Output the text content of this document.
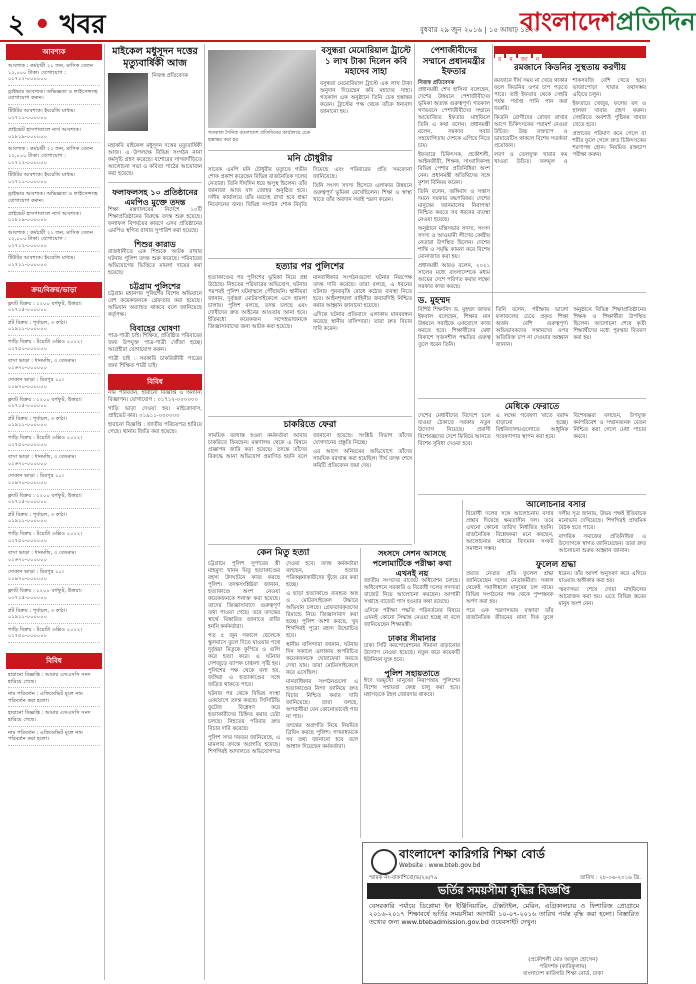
২ • খবর	বুধবার ২৯ জুন ২০১৬ | ১৫ আষাঢ় ১৪২৩
বাংলাদেশপ্রতিদিন
আবশ্যক
আবশ্যক : কর্মচারী ২১ জন, মাসিক বেতন ১২,০০০ টাকা। যোগাযোগ : ০১৭১২-০০০০০০
ড্রাইভার আবশ্যক। অভিজ্ঞতা ও লাইসেন্সসহ যোগাযোগ করুন।
টিউটর আবশ্যক। ইংরেজি মাধ্যম। ০১৭১১-০০০০০০
প্রাইভেট হাসপাতালে নার্স আবশ্যক। ০১৮১৯-০০০০০০
আবশ্যক : কর্মচারী ২১ জন, মাসিক বেতন ১২,০০০ টাকা। যোগাযোগ : ০১৭১২-০০০০০০
টিউটর আবশ্যক। ইংরেজি মাধ্যম। ০১৭১১-০০০০০০
ড্রাইভার আবশ্যক। অভিজ্ঞতা ও লাইসেন্সসহ যোগাযোগ করুন।
প্রাইভেট হাসপাতালে নার্স আবশ্যক। ০১৮১৯-০০০০০০
আবশ্যক : কর্মচারী ২১ জন, মাসিক বেতন ১২,০০০ টাকা। যোগাযোগ : ০১৭১২-০০০০০০
টিউটর আবশ্যক। ইংরেজি মাধ্যম। ০১৭১১-০০০০০০
ক্রয়/বিক্রয়/ভাড়া
ফ্ল্যাট বিক্রয় : ১২০০ বর্গফুট, উত্তরা। ০১৭১৫-০০০০০০
প্লট বিক্রয় : পূর্বাচল, ৩ কাঠা। ০১৯১১-০০০০০০
গাড়ি বিক্রয় : টয়োটা এক্সিও ২০১২। ০১৭৫০-০০০০০০
বাসা ভাড়া : ধানমন্ডি, ৩ বেডরুম। ০১৬৭০-০০০০০০
দোকান ভাড়া : মিরপুর ১০। ০১৯৭০-০০০০০০
ফ্ল্যাট বিক্রয় : ১২০০ বর্গফুট, উত্তরা। ০১৭১৫-০০০০০০
প্লট বিক্রয় : পূর্বাচল, ৩ কাঠা। ০১৯১১-০০০০০০
গাড়ি বিক্রয় : টয়োটা এক্সিও ২০১২। ০১৭৫০-০০০০০০
বাসা ভাড়া : ধানমন্ডি, ৩ বেডরুম। ০১৬৭০-০০০০০০
দোকান ভাড়া : মিরপুর ১০। ০১৯৭০-০০০০০০
ফ্ল্যাট বিক্রয় : ১২০০ বর্গফুট, উত্তরা। ০১৭১৫-০০০০০০
প্লট বিক্রয় : পূর্বাচল, ৩ কাঠা। ০১৯১১-০০০০০০
গাড়ি বিক্রয় : টয়োটা এক্সিও ২০১২। ০১৭৫০-০০০০০০
বাসা ভাড়া : ধানমন্ডি, ৩ বেডরুম। ০১৬৭০-০০০০০০
দোকান ভাড়া : মিরপুর ১০। ০১৯৭০-০০০০০০
ফ্ল্যাট বিক্রয় : ১২০০ বর্গফুট, উত্তরা। ০১৭১৫-০০০০০০
প্লট বিক্রয় : পূর্বাচল, ৩ কাঠা। ০১৯১১-০০০০০০
গাড়ি বিক্রয় : টয়োটা এক্সিও ২০১২। ০১৭৫০-০০০০০০
বিবিধ
হারানো বিজ্ঞপ্তি : আমার এসএসসি সনদ হারিয়ে গেছে।
নাম পরিবর্তন : এফিডেভিট মূলে নাম পরিবর্তন করা হলো।
হারানো বিজ্ঞপ্তি : আমার এসএসসি সনদ হারিয়ে গেছে।
নাম পরিবর্তন : এফিডেভিট মূলে নাম পরিবর্তন করা হলো।
মাইকেল মধুসূদন দত্তের মৃত্যুবার্ষিকী আজ
নিজস্ব প্রতিবেদক

মহাকবি মাইকেল মধুসূদন দত্তের মৃত্যুবার্ষিকী আজ। এ উপলক্ষে বিভিন্ন সংগঠন নানা কর্মসূচি গ্রহণ করেছে। যশোরের সাগরদাঁড়িতে আলোচনা সভা ও কবিতা পাঠের আয়োজন করা হয়েছে।

ফলাফলসহ ১০ প্রতিষ্ঠানের এমপিও মুক্তে তদন্ত

শিক্ষা মন্ত্রণালয়ের নির্দেশে ১০টি শিক্ষাপ্রতিষ্ঠানের বিরুদ্ধে তদন্ত শুরু হয়েছে। ফলাফল বিপর্যয়ের কারণে এসব প্রতিষ্ঠানের এমপিও স্থগিত রাখার সুপারিশ করা হয়েছে।

শিশুর কারাড

রাজধানীতে এক শিশুকে আটক রাখার ঘটনায় পুলিশ তদন্ত শুরু করেছে। পরিবারের অভিযোগের ভিত্তিতে মামলা দায়ের করা হয়েছে।

চট্টগ্রাম পুলিশের

চট্টগ্রাম মহানগর পুলিশের বিশেষ অভিযানে বেশ কয়েকজনকে গ্রেফতার করা হয়েছে। অভিযান অব্যাহত থাকবে বলে জানিয়েছে কর্তৃপক্ষ।

বিবাহের ঘোষণা

পাত্র-পাত্রী চাই। শিক্ষিত, প্রতিষ্ঠিত পরিবারের জন্য উপযুক্ত পাত্র-পাত্রী খোঁজা হচ্ছে। আগ্রহীরা যোগাযোগ করুন।

পাত্রী চাই : সরকারি চাকরিজীবী পাত্রের জন্য শিক্ষিত পাত্রী চাই।

বিবিধ

নাম পরিবর্তন, হারানো বিজ্ঞপ্তি ও অন্যান্য বিজ্ঞাপন। যোগাযোগ : ০১৭১২-০০০০০০

গাড়ি ভাড়া দেওয়া হয়। মাইক্রোবাস, প্রাইভেট কার। ০১৯১১-০০০০০০

হারানো বিজ্ঞপ্তি : জাতীয় পরিচয়পত্র হারিয়ে গেছে। থানায় জিডি করা হয়েছে।

গতকাল দৈনিক বাংলাদেশ প্রতিদিনের কার্যালয়ে চেক হস্তান্তর করা হয়
বসুন্ধরা মেমোরিয়াল ট্রাস্টে ১ লাখ টাকা দিলেন কবি মহাদেব সাহা

বসুন্ধরা মেমোরিয়াল ট্রাস্টে এক লাখ টাকা অনুদান দিয়েছেন কবি মহাদেব সাহা। গতকাল এক অনুষ্ঠানে তিনি চেক হস্তান্তর করেন। ট্রাস্টের পক্ষ থেকে তাঁকে ধন্যবাদ জানানো হয়।

মনি চৌধুরীর

সাবেক এমপি মনি চৌধুরীর মৃত্যুতে গভীর শোক প্রকাশ করেছেন বিভিন্ন রাজনৈতিক দলের নেতারা। তিনি দীর্ঘদিন ধরে অসুস্থ ছিলেন। তাঁর জানাজা আজ বাদ জোহর অনুষ্ঠিত হবে। দলীয় কার্যালয়ে তাঁর মরদেহ রাখা হবে শ্রদ্ধা নিবেদনের জন্য। বিভিন্ন সংগঠন শোক বিবৃতি দিয়েছে এবং পরিবারের প্রতি সমবেদনা জানিয়েছে।

তিনি সংসদ সদস্য হিসেবে এলাকার উন্নয়নে গুরুত্বপূর্ণ ভূমিকা রেখেছিলেন। শিক্ষা ও স্বাস্থ্য খাতে তাঁর অবদান সবাই স্মরণ করেন।

হত্যার পর পুলিশের

হত্যাকাণ্ডের পর পুলিশের ভূমিকা নিয়ে প্রশ্ন উঠেছে। নিহতের পরিবারের অভিযোগ, ঘটনার পরপরই পুলিশ ঘটনাস্থলে পৌঁছায়নি। স্থানীয়রা জানান, দুর্বৃত্তরা মোটরসাইকেলে এসে হামলা চালায়। পুলিশ বলছে, তদন্ত চলছে এবং দোষীদের দ্রুত আইনের আওতায় আনা হবে। ইতিমধ্যে কয়েকজন সন্দেহভাজনকে জিজ্ঞাসাবাদের জন্য আটক করা হয়েছে।

মানবাধিকার সংগঠনগুলো ঘটনার নিরপেক্ষ তদন্ত দাবি করেছে। তারা বলছে, এ ধরনের ঘটনার পুনরাবৃত্তি রোধে কঠোর ব্যবস্থা নিতে হবে। আইনশৃঙ্খলা বাহিনীর জবাবদিহি নিশ্চিত করার আহ্বান জানানো হয়েছে।

এদিকে ঘটনার প্রতিবাদে এলাকায় মানববন্ধন করেছে স্থানীয় বাসিন্দারা। তারা দ্রুত বিচার দাবি করেন।

চাকরিতে ফেরা

সাময়িক বরখাস্ত হওয়া কর্মকর্তারা আবার চাকরিতে ফিরছেন। মন্ত্রণালয় থেকে এ বিষয়ে প্রজ্ঞাপন জারি করা হয়েছে। তদন্তে তাঁদের বিরুদ্ধে আনা অভিযোগ প্রমাণিত হয়নি বলে জানানো হয়েছে। সংশ্লিষ্ট বিভাগ তাঁদের যোগদানের প্রস্তুতি নিচ্ছে।

এর আগে অনিয়মের অভিযোগে তাঁদের সাময়িক বরখাস্ত করা হয়েছিল। দীর্ঘ তদন্ত শেষে কমিটি প্রতিবেদন জমা দেয়।

কেন মিতু হত্যা

চট্টগ্রামে পুলিশ সুপারের স্ত্রী মাহমুদা খানম মিতু হত্যাকাণ্ডের রহস্য উদঘাটনে কাজ করছে পুলিশ। তদন্তসংশ্লিষ্টরা জানান, হত্যাকাণ্ডে অংশ নেওয়া কয়েকজনকে শনাক্ত করা হয়েছে। তাদের জিজ্ঞাসাবাদে গুরুত্বপূর্ণ তথ্য পাওয়া গেছে। তবে তদন্তের স্বার্থে বিস্তারিত জানাতে রাজি হননি কর্মকর্তারা।

গত ৫ জুন সকালে ছেলেকে স্কুলবাসে তুলে দিতে যাওয়ার পথে দুর্বৃত্তরা মিতুকে কুপিয়ে ও গুলি করে হত্যা করে। এ ঘটনায় দেশজুড়ে ব্যাপক চাঞ্চল্য সৃষ্টি হয়। পুলিশের পক্ষ থেকে বলা হয়, জঙ্গিরা এ হত্যাকাণ্ডের সঙ্গে জড়িত থাকতে পারে।

ঘটনার পর থেকে বিভিন্ন সংস্থা একযোগে তদন্ত করছে। সিসিটিভি ফুটেজ বিশ্লেষণ করে হত্যাকারীদের চিহ্নিত করার চেষ্টা চলছে। নিহতের পরিবার দ্রুত বিচার দাবি করেছে।

পুলিশ সদর দফতর জানিয়েছে, এ মামলার তদন্তে অগ্রগতি হয়েছে। শিগগিরই আদালতে অভিযোগপত্র দেওয়া হবে। তদন্ত কর্মকর্তারা বলছেন, হত্যার পরিকল্পনাকারীদের খুঁজে বের করা হচ্ছে।

এ ছাড়া হত্যাকাণ্ডে ব্যবহৃত অস্ত্র ও মোটরসাইকেল উদ্ধারে অভিযান চলছে। গ্রেফতারকৃতদের রিমান্ডে নিয়ে জিজ্ঞাসাবাদ করা হচ্ছে। পুলিশ আশা করছে, খুব শিগগিরই পুরো রহস্য উন্মোচিত হবে।

স্থানীয় বাসিন্দারা জানান, ঘটনার দিন সকালে এলাকায় অপরিচিত কয়েকজনকে ঘোরাফেরা করতে দেখা যায়। তারা মোটরসাইকেলে করে এসেছিল।

মানবাধিকার সংগঠনগুলো এ হত্যাকাণ্ডের নিন্দা জানিয়ে দ্রুত বিচার নিশ্চিত করার দাবি জানিয়েছে। তারা বলছে, অপরাধীরা যেন কোনোভাবেই পার না পায়।

তদন্তের অগ্রগতি নিয়ে নিয়মিত ব্রিফিং করছে পুলিশ। গণমাধ্যমকে সব তথ্য জানানো হবে বলে আশ্বাস দিয়েছেন কর্মকর্তারা।

পেশাজীবীদের সম্মানে প্রধানমন্ত্রীর ইফতার
নিজস্ব প্রতিবেদক

প্রধানমন্ত্রী শেখ হাসিনা বলেছেন, দেশের উন্নয়নে পেশাজীবীদের ভূমিকা অত্যন্ত গুরুত্বপূর্ণ। গতকাল গণভবনে পেশাজীবীদের সম্মানে আয়োজিত ইফতার মাহফিলে তিনি এ কথা বলেন। প্রধানমন্ত্রী বলেন, সরকার সবার সহযোগিতায় দেশকে এগিয়ে নিতে চায়।

ইফতারে চিকিৎসক, প্রকৌশলী, আইনজীবী, শিক্ষক, সাংবাদিকসহ বিভিন্ন পেশার প্রতিনিধিরা অংশ নেন। প্রধানমন্ত্রী অতিথিদের সঙ্গে কুশল বিনিময় করেন।

তিনি বলেন, জঙ্গিবাদ ও সন্ত্রাস দমনে সরকার বদ্ধপরিকর। দেশের মানুষের জানমালের নিরাপত্তা নিশ্চিত করতে সব ধরনের ব্যবস্থা নেওয়া হয়েছে।

অনুষ্ঠানে মন্ত্রিসভার সদস্য, সংসদ সদস্য ও আওয়ামী লীগের কেন্দ্রীয় নেতারা উপস্থিত ছিলেন। দেশের শান্তি ও সমৃদ্ধি কামনা করে বিশেষ মোনাজাত করা হয়।

প্রধানমন্ত্রী আরও বলেন, ২০২১ সালের মধ্যে বাংলাদেশকে মধ্যম আয়ের দেশে পরিণত করার লক্ষ্যে সরকার কাজ করছে।

র ম জা ন
রমজানে কিডনির সুস্থতায় করণীয়

রমজানে দীর্ঘ সময় না খেয়ে থাকার ফলে কিডনির ওপর চাপ পড়তে পারে। তাই ইফতার থেকে সেহরি পর্যন্ত পর্যাপ্ত পানি পান করা জরুরি।

কিডনি রোগীদের রোজা রাখার আগে চিকিৎসকের পরামর্শ নেওয়া উচিত। উচ্চ রক্তচাপ ও ডায়াবেটিস থাকলে বিশেষ সতর্কতা প্রয়োজন।

লবণ ও তেলযুক্ত খাবার কম খাওয়া উচিত। ফলমূল ও শাকসবজি বেশি খেতে হবে। ভাজাপোড়া খাবার যথাসম্ভব এড়িয়ে চলুন।

ইফতারে খেজুর, ফলের রস ও হালকা খাবার গ্রহণ করুন। সেহরিতে অবশ্যই পুষ্টিকর খাবার খেতে হবে।

প্রস্রাবের পরিমাণ কমে গেলে বা শরীর ফুলে গেলে দ্রুত চিকিৎসকের শরণাপন্ন হোন। নিয়মিত রক্তচাপ পরীক্ষা করুন।

ড. মুহম্মদ

বিশিষ্ট শিক্ষাবিদ ড. মুহম্মদ জাফর ইকবাল বলেছেন, শিক্ষার মান উন্নয়নে সবাইকে একযোগে কাজ করতে হবে। শিক্ষার্থীদের মেধা বিকাশে সৃজনশীল পদ্ধতির গুরুত্ব তুলে ধরেন তিনি।

তিনি বলেন, পরীক্ষায় ভালো ফলাফলের চেয়ে প্রকৃত শিক্ষা অর্জন বেশি গুরুত্বপূর্ণ। অভিভাবকদের সন্তানদের ওপর অতিরিক্ত চাপ না দেওয়ার আহ্বান জানান।

অনুষ্ঠানে বিভিন্ন শিক্ষাপ্রতিষ্ঠানের শিক্ষক ও শিক্ষার্থীরা উপস্থিত ছিলেন। আলোচনা শেষে কৃতী শিক্ষার্থীদের মধ্যে পুরস্কার বিতরণ করা হয়।

মেধিকে ফেরাতে

দেশের মেধাবীদের বিদেশে চলে যাওয়া ঠেকাতে সরকার নতুন উদ্যোগ নিয়েছে। প্রবাসী বিশেষজ্ঞদের দেশে ফিরিয়ে আনতে বিশেষ সুবিধা দেওয়া হবে।

এ লক্ষ্যে গবেষণা খাতে বরাদ্দ বাড়ানো হচ্ছে। বিশ্ববিদ্যালয়গুলোতে আধুনিক গবেষণাগার স্থাপন করা হবে।

বিশেষজ্ঞরা বলছেন, উপযুক্ত কর্মপরিবেশ ও সম্মানজনক বেতন নিশ্চিত করা গেলে মেধা পাচার কমবে।

সংসদে সেশন আসছে পলোমার্টিকে পরীক্ষা কথা এখনই নয়

জাতীয় সংসদের বাজেট অধিবেশন চলছে। অধিবেশনে সরকারি ও বিরোধী দলের সদস্যরা বাজেট নিয়ে আলোচনা করছেন। আগামী সপ্তাহে বাজেট পাস হওয়ার কথা রয়েছে।

এদিকে পরীক্ষা পদ্ধতি পরিবর্তনের বিষয়ে এখনই কোনো সিদ্ধান্ত নেওয়া হচ্ছে না বলে জানিয়েছেন শিক্ষামন্ত্রী।

ঢাকার সীমানার

ঢাকা সিটি করপোরেশনের সীমানা বাড়ানোর উদ্যোগ নেওয়া হয়েছে। নতুন করে কয়েকটি ইউনিয়ন যুক্ত হবে।

পুলিশ সহায়তাতে

ঈদে ঘরমুখো মানুষের নিরাপত্তায় পুলিশের বিশেষ সহায়তা কেন্দ্র চালু করা হবে। মহাসড়কে টহল জোরদার থাকবে।

আলোচনার বসার

বিরোধী দলের সঙ্গে আলোচনায় বসার প্রস্তাব দিয়েছে ক্ষমতাসীন দল। তবে এখনো কোনো তারিখ নির্ধারিত হয়নি। রাজনৈতিক বিশ্লেষকরা মনে করছেন, আলোচনার মাধ্যমে বিদ্যমান সংকট সমাধান সম্ভব।

দলীয় সূত্র জানায়, উভয় পক্ষই ইতিবাচক মনোভাব দেখিয়েছে। শিগগিরই প্রাথমিক বৈঠক হতে পারে।

নাগরিক সমাজের প্রতিনিধিরা এ উদ্যোগকে স্বাগত জানিয়েছেন। তারা দ্রুত আলোচনা শুরুর আহ্বান জানান।

ফুলেল শ্রদ্ধা

প্রয়াত নেতার প্রতি ফুলেল শ্রদ্ধা জানিয়েছেন দলের নেতাকর্মীরা। সকাল থেকেই সমাধিস্থলে মানুষের ঢল নামে। বিভিন্ন সংগঠনের পক্ষ থেকে পুষ্পস্তবক অর্পণ করা হয়।

পরে এক স্মরণসভায় বক্তারা তাঁর রাজনৈতিক জীবনের নানা দিক তুলে ধরেন। তাঁর আদর্শ অনুসরণ করে এগিয়ে যাওয়ার অঙ্গীকার করা হয়।

স্মরণসভা শেষে দোয়া মাহফিলের আয়োজন করা হয়। এতে বিভিন্ন স্তরের মানুষ অংশ নেন।

বাংলাদেশ কারিগরি শিক্ষা বোর্ড
Website : www.bteb.gov.bd
স্মারক নং-বাকাশিবো/ভ/২৬/৭৯	তারিখ : ২৮-০৬-২০১৬ খ্রি.
ভর্তির সময়সীমা বৃদ্ধির বিজ্ঞপ্তি
বেসরকারি পর্যায়ে ডিপ্লোমা ইন ইঞ্জিনিয়ারিং, টেক্সটাইল, মেরিন, এগ্রিকালচার ও ফিশারিজ প্রোগ্রামে ২০১৬-২০১৭ শিক্ষাবর্ষে ভর্তির সময়সীমা আগামী ১০-০৭-২০১৬ তারিখ পর্যন্ত বৃদ্ধি করা হলো। বিস্তারিত তথ্যের জন্য www.btebadmission.gov.bd ওয়েবসাইট দেখুন।
(প্রকৌশলী মোঃ আবুল হোসেন)
পরিদর্শক (কারিকুলাম)
বাংলাদেশ কারিগরি শিক্ষা বোর্ড, ঢাকা
